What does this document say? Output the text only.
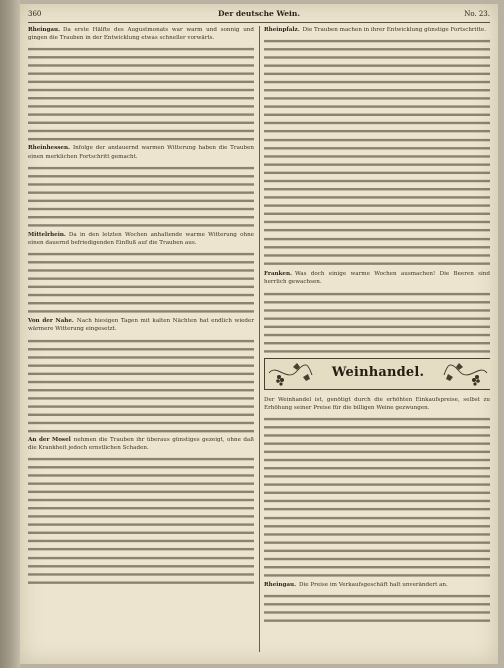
360	Der deutsche Wein.	No. 23.

Rheingau. Da erste Hälfte des Augustmonats war warm und sonnig und gingen die Trauben in der Entwicklung etwas schneller vorwärts.

Rheinhessen. Infolge der andauernd warmen Witterung haben die Trauben einen merklichen Fortschritt gemacht.

Mittelrhein. Da in den letzten Wochen anhaltende warme Witterung ohne einen dauernd befriedigenden Einfluß auf die Trauben aus.

Von der Nahe. Nach hiesigen Tagen mit kalten Nächten hat endlich wieder wärmere Witterung eingesetzt.

An der Mosel nehmen die Trauben ihr überaus günstiges gezeigt, ohne daß die Krankheit jedoch ernstlichen Schaden.

Rheinpfalz. Die Trauben machen in ihrer Entwicklung günstige Fortschritte.

Franken. Was doch einige warme Wochen ausmachen! Die Beeren sind herrlich gewachsen.

Weinhandel.

Der Weinhandel ist, genötigt durch die erhöhten Einkaufspreise, selbst zu Erhöhung seiner Preise für die billigen Weine gezwungen.

Rheingau. Die Preise im Verkaufsgeschäft halt unverändert an.
